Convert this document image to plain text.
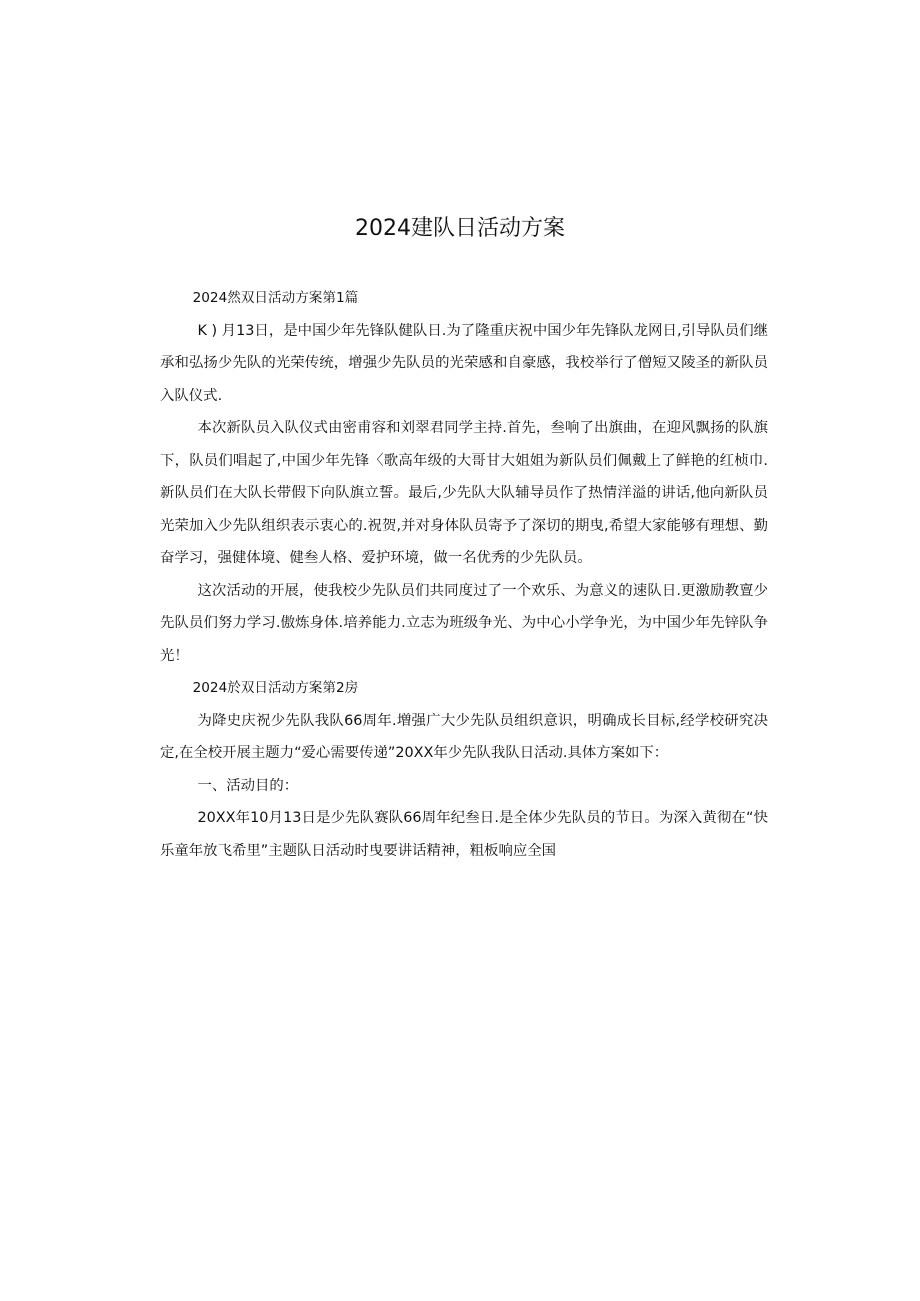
2024建队日活动方案

2024然双日活动方案第1篇

K ) 月13日，是中国少年先锋队健队日.为了隆重庆祝中国少年先锋队龙网日,引导队员们继承和弘扬少先队的光荣传统，增强少先队员的光荣感和自豪感，我校举行了僧短又陵圣的新队员入队仪式.

本次新队员入队仪式由密甫容和刘翠君同学主持.首先，叁响了出旗曲，在迎风飘扬的队旗下，队员们唱起了,中国少年先锋〈歌高年级的大哥甘大姐姐为新队员们佩戴上了鲜艳的红桢巾.新队员们在大队长带假下向队旗立誓。最后,少先队大队辅导员作了热情洋溢的讲话,他向新队员光荣加入少先队组织表示衷心的.祝贺,并对身体队员寄予了深切的期曳,希望大家能够有理想、勤奋学习，强健体境、健叁人格、爱护环境，做一名优秀的少先队员。

这次活动的开展，使我校少先队员们共同度过了一个欢乐、为意义的速队日.更激励教亶少先队员们努力学习.傲炼身体.培养能力.立志为班级争光、为中心小学争光，为中国少年先锌队争光！

2024於双日活动方案第2房

为降史庆祝少先队我队66周年.増强广大少先队员组织意识，明确成长目标,经学校研究决定,在全校开展主题力“爱心需要传递”20XX年少先队我队日活动.具体方案如下：

一、活动目的：

20XX年10月13日是少先队赛队66周年纪叁日.是全体少先队员的节日。为深入黄彻在“快乐童年放飞希里”主题队日活动时曳要讲话精神，粗板响应全国
